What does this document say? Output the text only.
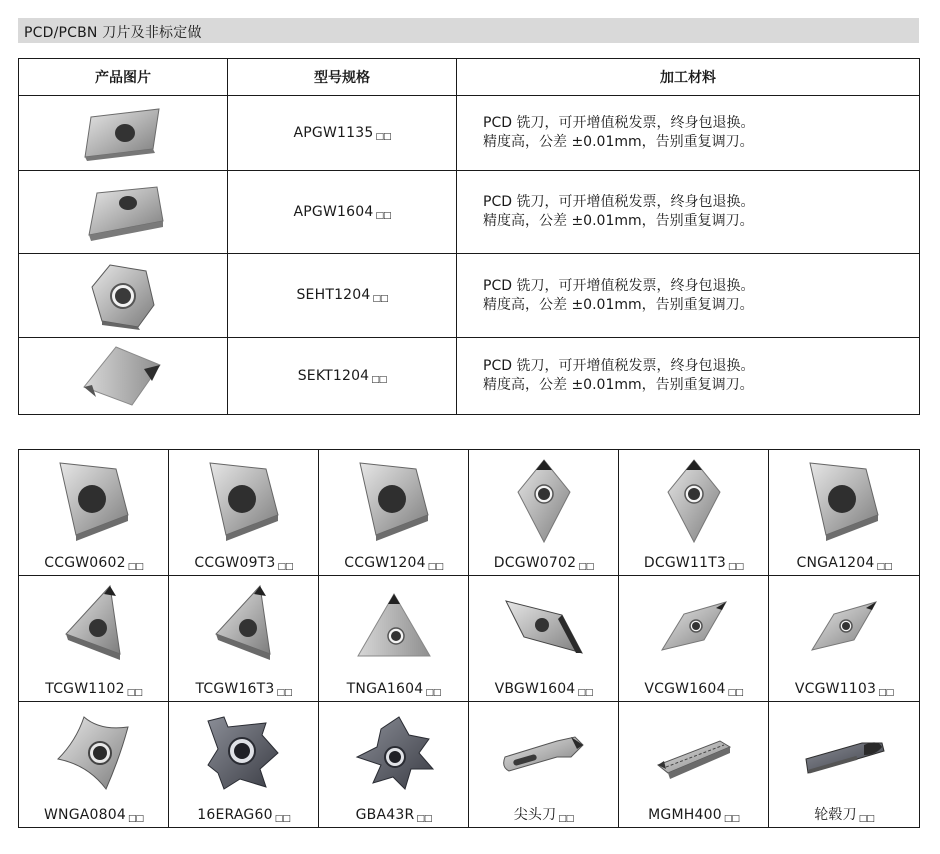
PCD/PCBN 刀片及非标定做
产品图片	型号规格	加工材料

	APGW1135 □□	PCD 铣刀，可开增值税发票，终身包退换。
精度高，公差 ±0.01mm，告别重复调刀。

	APGW1604 □□	PCD 铣刀，可开增值税发票，终身包退换。
精度高，公差 ±0.01mm，告别重复调刀。

	SEHT1204 □□	PCD 铣刀，可开增值税发票，终身包退换。
精度高，公差 ±0.01mm，告别重复调刀。

	SEKT1204 □□	PCD 铣刀，可开增值税发票，终身包退换。
精度高，公差 ±0.01mm，告别重复调刀。
CCGW0602 □□	CCGW09T3 □□	CCGW1204 □□	DCGW0702 □□	DCGW11T3 □□	CNGA1204 □□

TCGW1102 □□	TCGW16T3 □□	TNGA1604 □□	VBGW1604 □□	VCGW1604 □□	VCGW1103 □□

WNGA0804 □□	16ERAG60 □□	GBA43R □□	尖头刀 □□	MGMH400 □□	轮毂刀 □□
